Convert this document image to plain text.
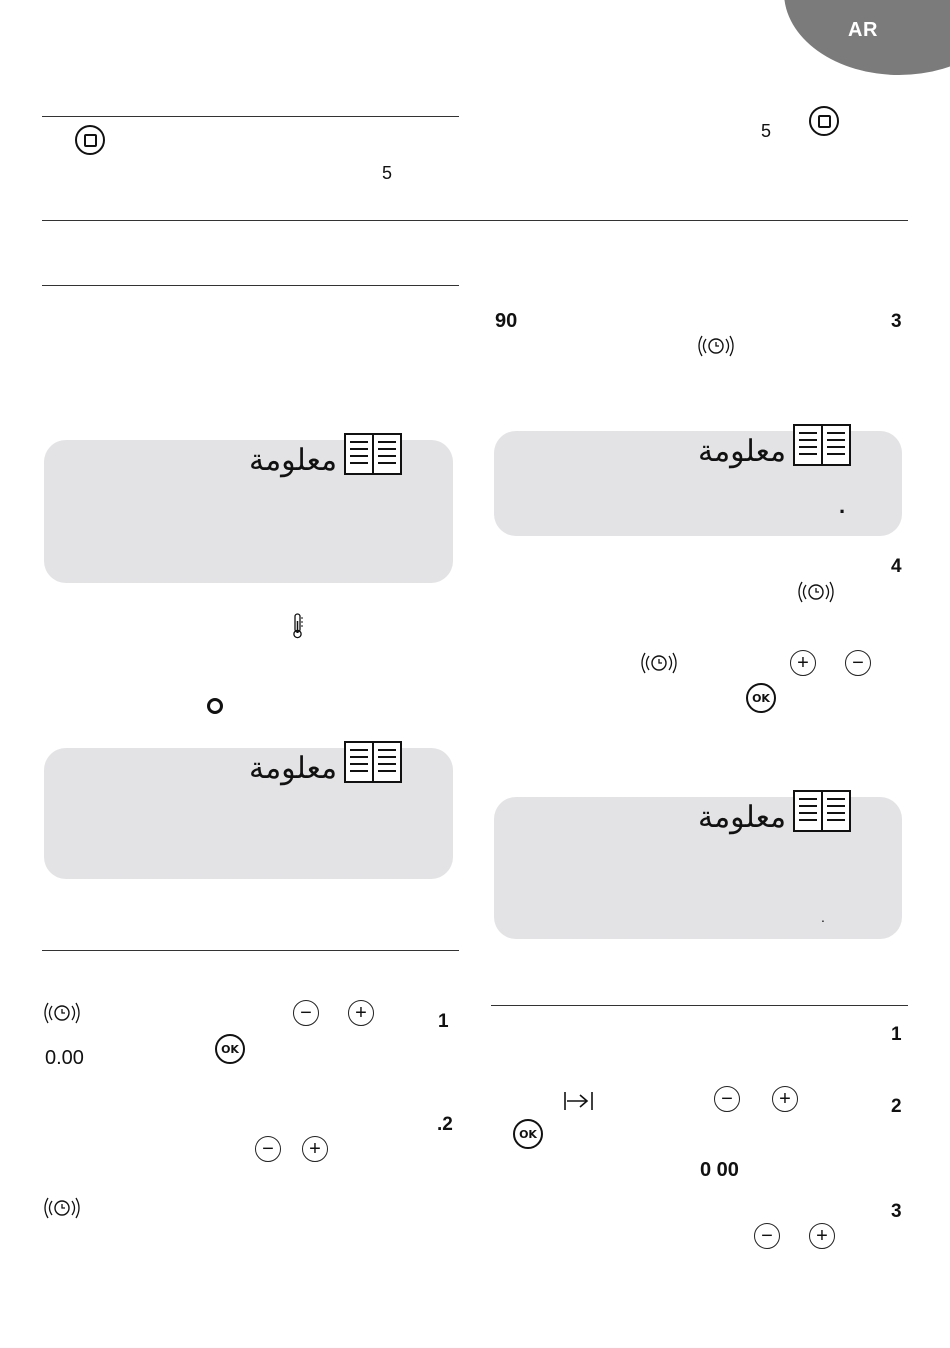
AR
5
5
90	3
معلومة	معلومة
.
4
+	−
OK
معلومة
معلومة
.
−	+	1
0.00	OK
.2
−	+
1
−	+	2
OK
0 00
3
−	+
